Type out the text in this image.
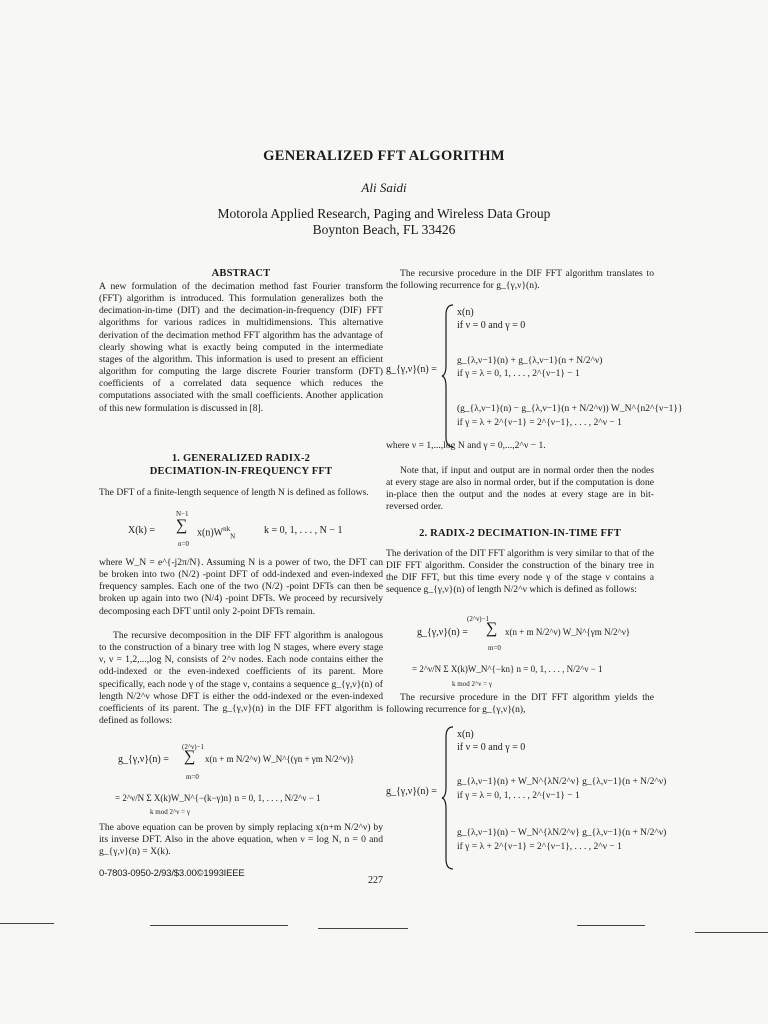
GENERALIZED FFT ALGORITHM
Ali Saidi
Motorola Applied Research, Paging and Wireless Data Group
Boynton Beach, FL 33426
ABSTRACT
A new formulation of the decimation method fast Fourier transform (FFT) algorithm is introduced. This formulation generalizes both the decimation-in-time (DIT) and the decimation-in-frequency (DIF) FFT algorithms for various radices in multidimensions. This alternative derivation of the decimation method FFT algorithm has the advantage of clearly showing what is exactly being computed in the intermediate stages of the algorithm. This information is used to present an efficient algorithm for computing the large discrete Fourier transform (DFT) coefficients of a correlated data sequence which reduces the computations associated with the small coefficients. Another application of this new formulation is discussed in [8].
1. GENERALIZED RADIX-2
DECIMATION-IN-FREQUENCY FFT
The DFT of a finite-length sequence of length N is defined as follows.
X(k) =
N−1
∑
n=0
$x(n)W^{nk}_N$
k = 0, 1, . . . , N − 1
where W_N = e^{-j2π/N}. Assuming N is a power of two, the DFT can be broken into two (N/2) -point DFT of odd-indexed and even-indexed frequency samples. Each one of the two (N/2) -point DFTs can then be broken up again into two (N/4) -point DFTs. We proceed by recursively decomposing each DFT until only 2-point DFTs remain.
The recursive decomposition in the DIF FFT algorithm is analogous to the construction of a binary tree with log N stages, where every stage ν, ν = 1,2,...,log N, consists of 2^ν nodes. Each node contains either the odd-indexed or the even-indexed coefficients of its parent. More specifically, each node γ of the stage ν, contains a sequence g_{γ,ν}(n) of length N/2^ν whose DFT is either the odd-indexed or the even-indexed coefficients of its parent. The g_{γ,ν}(n) in the DIF FFT algorithm is defined as follows:
(2^ν)−1
g_{γ,ν}(n) = ∑
m=0
x(n + m N/2^ν) W_N^{(γn + γm N/2^ν)}
= 2^ν/N Σ X(k)W_N^{−(k−γ)n} n = 0, 1, . . . , N/2^ν − 1
k mod 2^ν = γ
The above equation can be proven by simply replacing x(n+m N/2^ν) by its inverse DFT. Also in the above equation, when ν = log N, n = 0 and g_{γ,ν}(n) = X(k).
0-7803-0950-2/93/$3.00©1993IEEE
227
The recursive procedure in the DIF FFT algorithm translates to the following recurrence for g_{γ,ν}(n).
g_{γ,ν}(n) =
x(n)
if ν = 0 and γ = 0
g_{λ,ν−1}(n) + g_{λ,ν−1}(n + N/2^ν)
if γ = λ = 0, 1, . . . , 2^{ν−1} − 1
(g_{λ,ν−1}(n) − g_{λ,ν−1}(n + N/2^ν)) W_N^{n2^{ν−1}}
if γ = λ + 2^{ν−1} = 2^{ν−1}, . . . , 2^ν − 1
where ν = 1,...,log N and γ = 0,...,2^ν − 1.
Note that, if input and output are in normal order then the nodes at every stage are also in normal order, but if the computation is done in-place then the output and the nodes at every stage are in bit-reversed order.
2. RADIX-2 DECIMATION-IN-TIME FFT
The derivation of the DIT FFT algorithm is very similar to that of the DIF FFT algorithm. Consider the construction of the binary tree in the DIF FFT, but this time every node γ of the stage ν contains a sequence g_{γ,ν}(n) of length N/2^ν which is defined as follows:
(2^ν)−1
g_{γ,ν}(n) = ∑
m=0
x(n + m N/2^ν) W_N^{γm N/2^ν}
= 2^ν/N Σ X(k)W_N^{−kn} n = 0, 1, . . . , N/2^ν − 1
k mod 2^ν = γ
The recursive procedure in the DIT FFT algorithm yields the following recurrence for g_{γ,ν}(n),
g_{γ,ν}(n) =
x(n)
if ν = 0 and γ = 0
g_{λ,ν−1}(n) + W_N^{λN/2^ν} g_{λ,ν−1}(n + N/2^ν)
if γ = λ = 0, 1, . . . , 2^{ν−1} − 1
g_{λ,ν−1}(n) − W_N^{λN/2^ν} g_{λ,ν−1}(n + N/2^ν)
if γ = λ + 2^{ν−1} = 2^{ν−1}, . . . , 2^ν − 1
